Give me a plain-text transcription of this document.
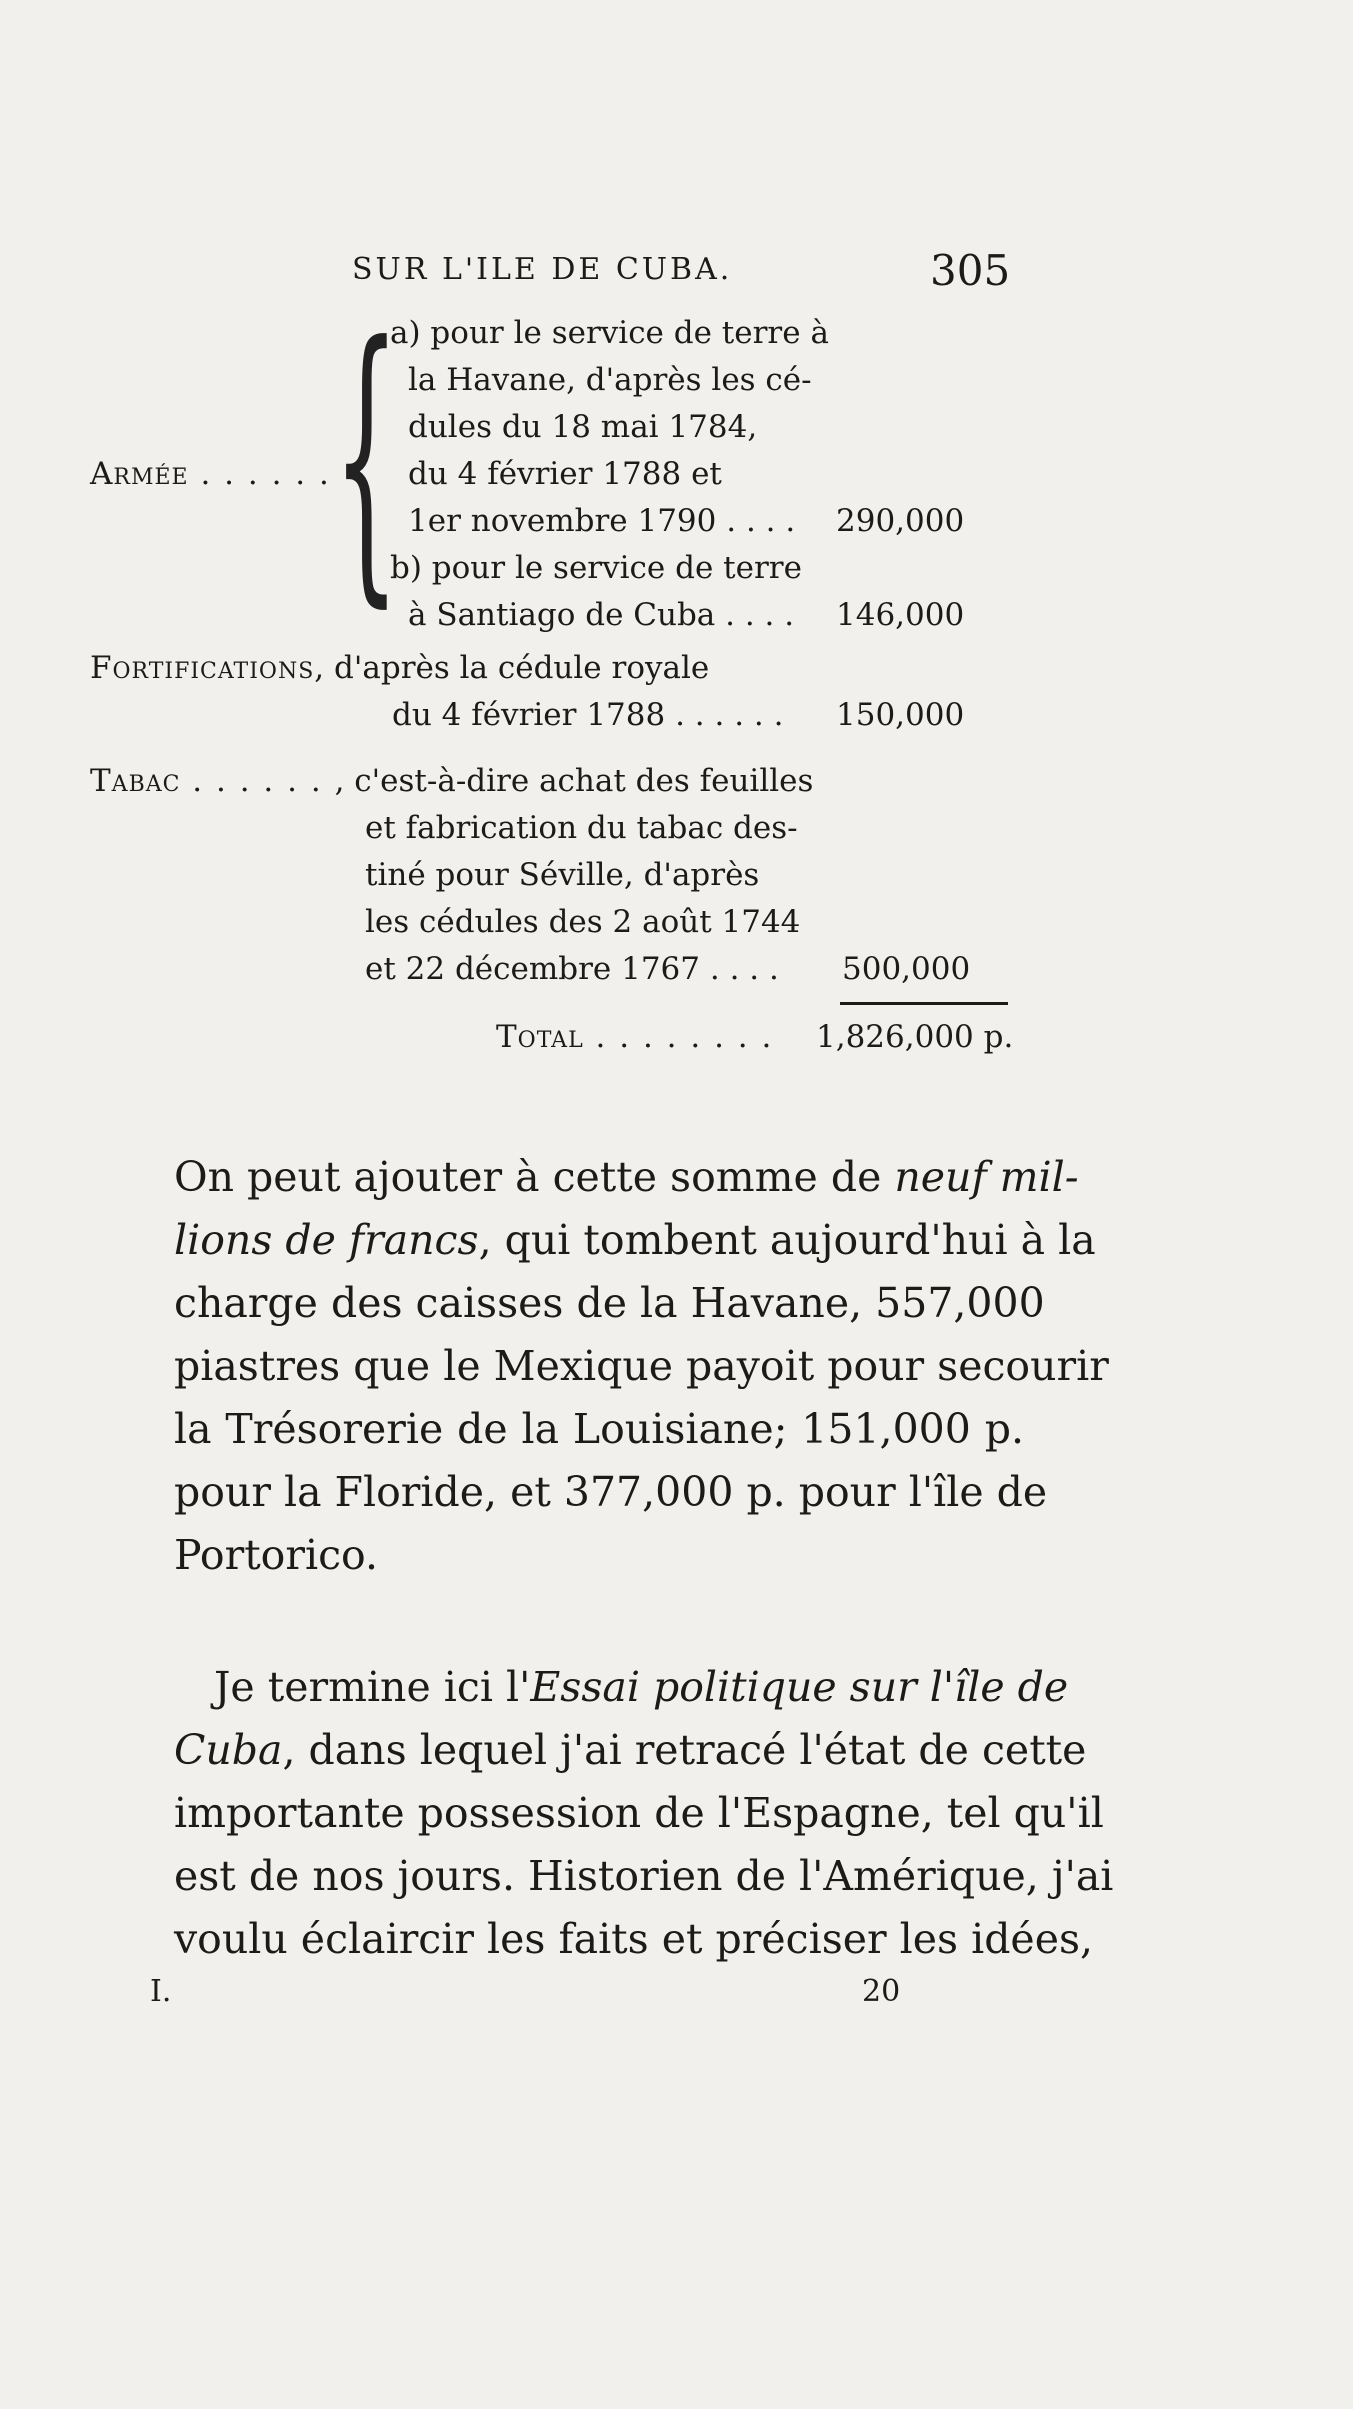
SUR L'ILE DE CUBA.	305
Armée . . . . . . {
a) pour le service de terre à
la Havane, d'après les cé-
dules du 18 mai 1784,
du 4 février 1788 et
1er novembre 1790 . . . .	290,000
b) pour le service de terre
à Santiago de Cuba . . . . 146,000
Fortifications, d'après la cédule royale
du 4 février 1788 . . . . . . 150,000
Tabac . . . . . . , c'est-à-dire achat des feuilles
et fabrication du tabac des-
tiné pour Séville, d'après
les cédules des 2 août 1744
et 22 décembre 1767 . . . .	500,000
Total . . . . . . . . 1,826,000 p.
On peut ajouter à cette somme de neuf mil-
lions de francs, qui tombent aujourd'hui à la
charge des caisses de la Havane, 557,000
piastres que le Mexique payoit pour secourir
la Trésorerie de la Louisiane; 151,000 p.
pour la Floride, et 377,000 p. pour l'île de
Portorico.
Je termine ici l'Essai politique sur l'île de
Cuba, dans lequel j'ai retracé l'état de cette
importante possession de l'Espagne, tel qu'il
est de nos jours. Historien de l'Amérique, j'ai
voulu éclaircir les faits et préciser les idées,
I.	20
